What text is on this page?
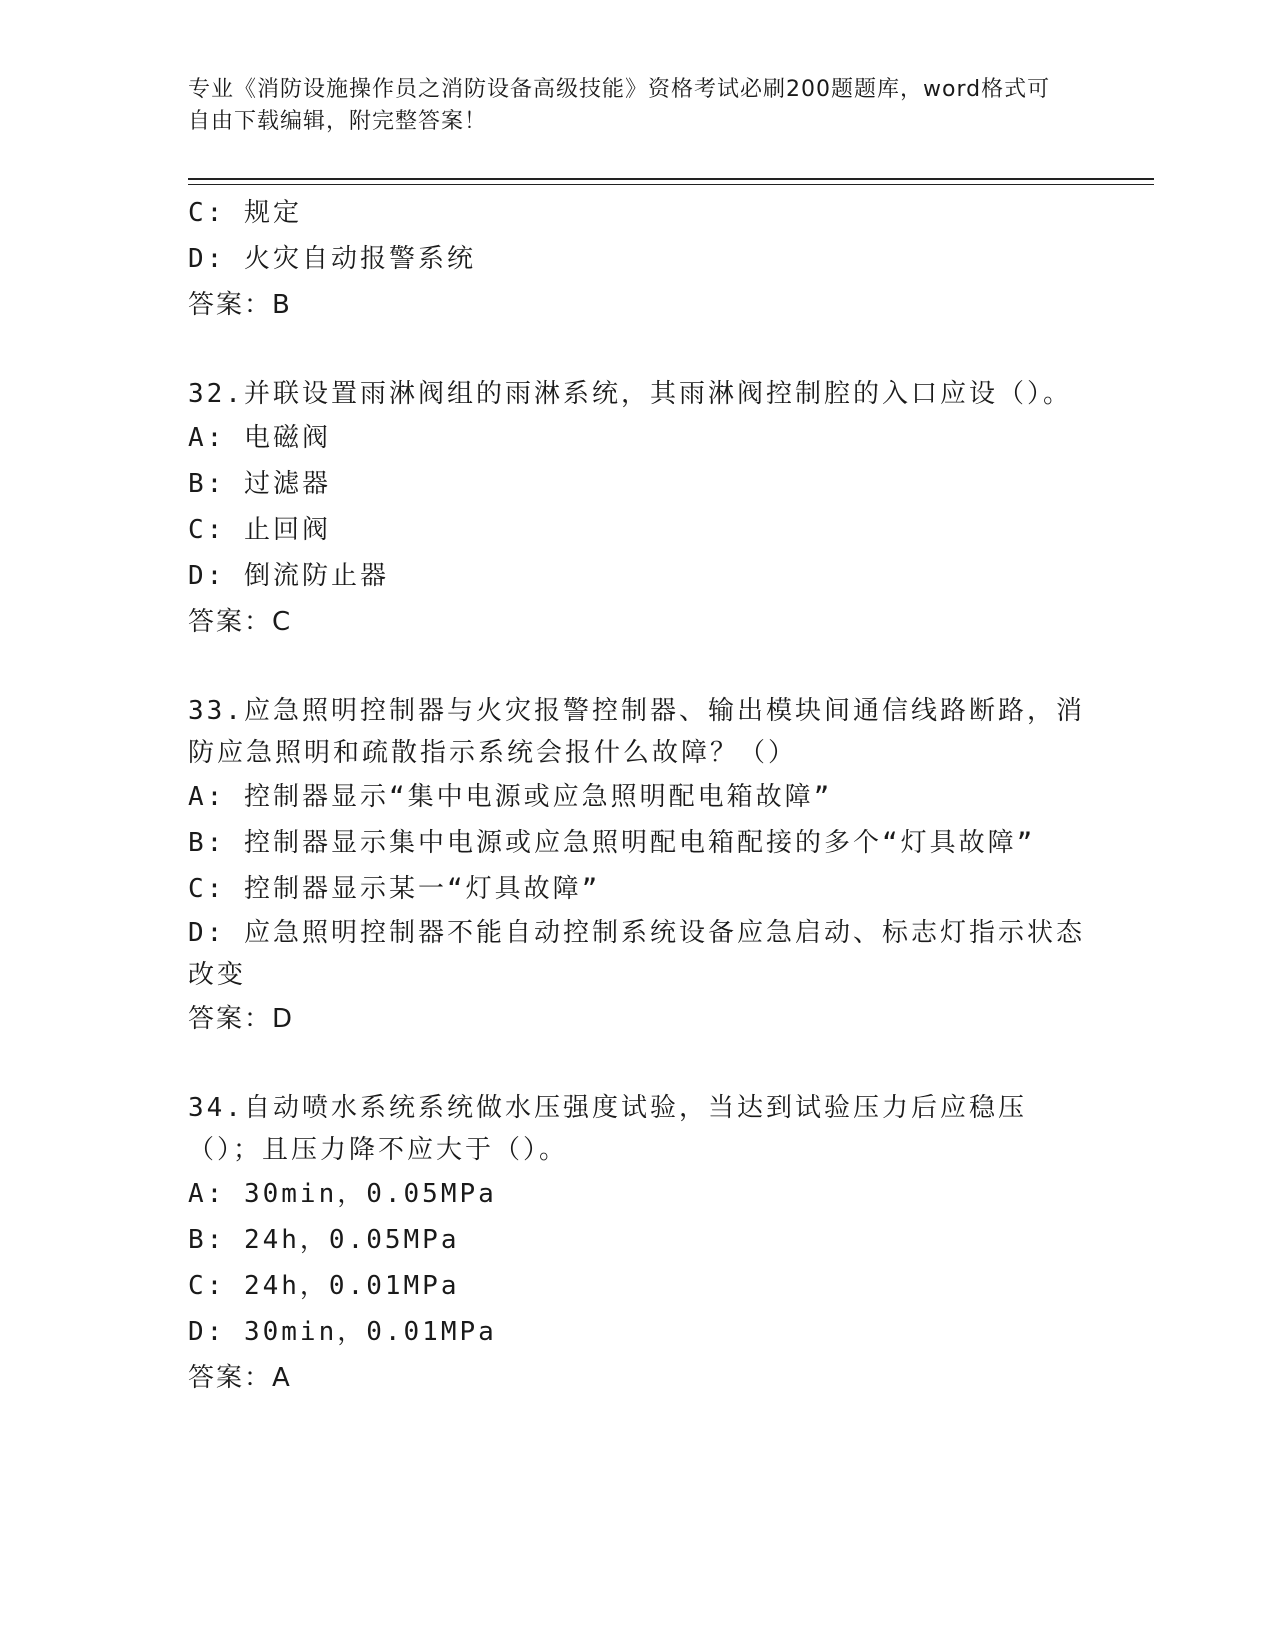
专业《消防设施操作员之消防设备高级技能》资格考试必刷200题题库，word格式可自由下载编辑，附完整答案！
C: 规定
D: 火灾自动报警系统
答案：B
32.并联设置雨淋阀组的雨淋系统，其雨淋阀控制腔的入口应设（）。
A: 电磁阀
B: 过滤器
C: 止回阀
D: 倒流防止器
答案：C
33.应急照明控制器与火灾报警控制器、输出模块间通信线路断路，消防应急照明和疏散指示系统会报什么故障？（）
A: 控制器显示“集中电源或应急照明配电箱故障”
B: 控制器显示集中电源或应急照明配电箱配接的多个“灯具故障”
C: 控制器显示某一“灯具故障”
D: 应急照明控制器不能自动控制系统设备应急启动、标志灯指示状态改变
答案：D
34.自动喷水系统系统做水压强度试验，当达到试验压力后应稳压（）；且压力降不应大于（）。
A: 30min，0.05MPa
B: 24h，0.05MPa
C: 24h，0.01MPa
D: 30min，0.01MPa
答案：A
